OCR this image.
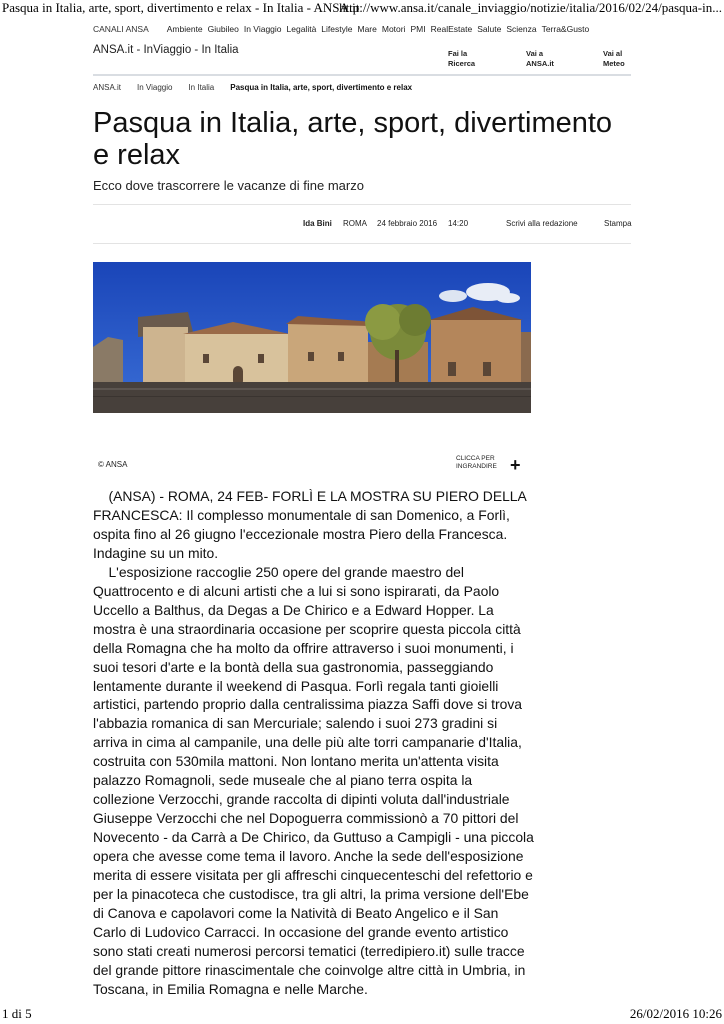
Pasqua in Italia, arte, sport, divertimento e relax - In Italia - ANSA.it
http://www.ansa.it/canale_inviaggio/notizie/italia/2016/02/24/pasqua-in...
CANALI ANSA Ambiente Giubileo In Viaggio Legalità Lifestyle Mare Motori PMI RealEstate Salute Scienza Terra&Gusto
ANSA.it - InViaggio - In Italia	Fai la
Ricerca
Vai a
ANSA.it
Vai al
Meteo
ANSA.it In Viaggio In Italia Pasqua in Italia, arte, sport, divertimento e relax
Pasqua in Italia, arte, sport, divertimento e relax
Ecco dove trascorrere le vacanze di fine marzo
Ida Bini ROMA 24 febbraio 2016 14:20	Scrivi alla redazione	Stampa
© ANSA
CLICCA PER
INGRANDIRE +

(ANSA) - ROMA, 24 FEB- FORLÌ E LA MOSTRA SU PIERO DELLA FRANCESCA: Il complesso monumentale di san Domenico, a Forlì, ospita fino al 26 giugno l'eccezionale mostra Piero della Francesca. Indagine su un mito.

L'esposizione raccoglie 250 opere del grande maestro del Quattrocento e di alcuni artisti che a lui si sono ispirarati, da Paolo Uccello a Balthus, da Degas a De Chirico e a Edward Hopper. La mostra è una straordinaria occasione per scoprire questa piccola città della Romagna che ha molto da offrire attraverso i suoi monumenti, i suoi tesori d'arte e la bontà della sua gastronomia, passeggiando lentamente durante il weekend di Pasqua. Forlì regala tanti gioielli artistici, partendo proprio dalla centralissima piazza Saffi dove si trova l'abbazia romanica di san Mercuriale; salendo i suoi 273 gradini si arriva in cima al campanile, una delle più alte torri campanarie d'Italia, costruita con 530mila mattoni. Non lontano merita un'attenta visita palazzo Romagnoli, sede museale che al piano terra ospita la collezione Verzocchi, grande raccolta di dipinti voluta dall'industriale Giuseppe Verzocchi che nel Dopoguerra commissionò a 70 pittori del Novecento - da Carrà a De Chirico, da Guttuso a Campigli - una piccola opera che avesse come tema il lavoro. Anche la sede dell'esposizione merita di essere visitata per gli affreschi cinquecenteschi del refettorio e per la pinacoteca che custodisce, tra gli altri, la prima versione dell'Ebe di Canova e capolavori come la Natività di Beato Angelico e il San Carlo di Ludovico Carracci. In occasione del grande evento artistico sono stati creati numerosi percorsi tematici (terredipiero.it) sulle tracce del grande pittore rinascimentale che coinvolge altre città in Umbria, in Toscana, in Emilia Romagna e nelle Marche.

1 di 5	26/02/2016 10:26
